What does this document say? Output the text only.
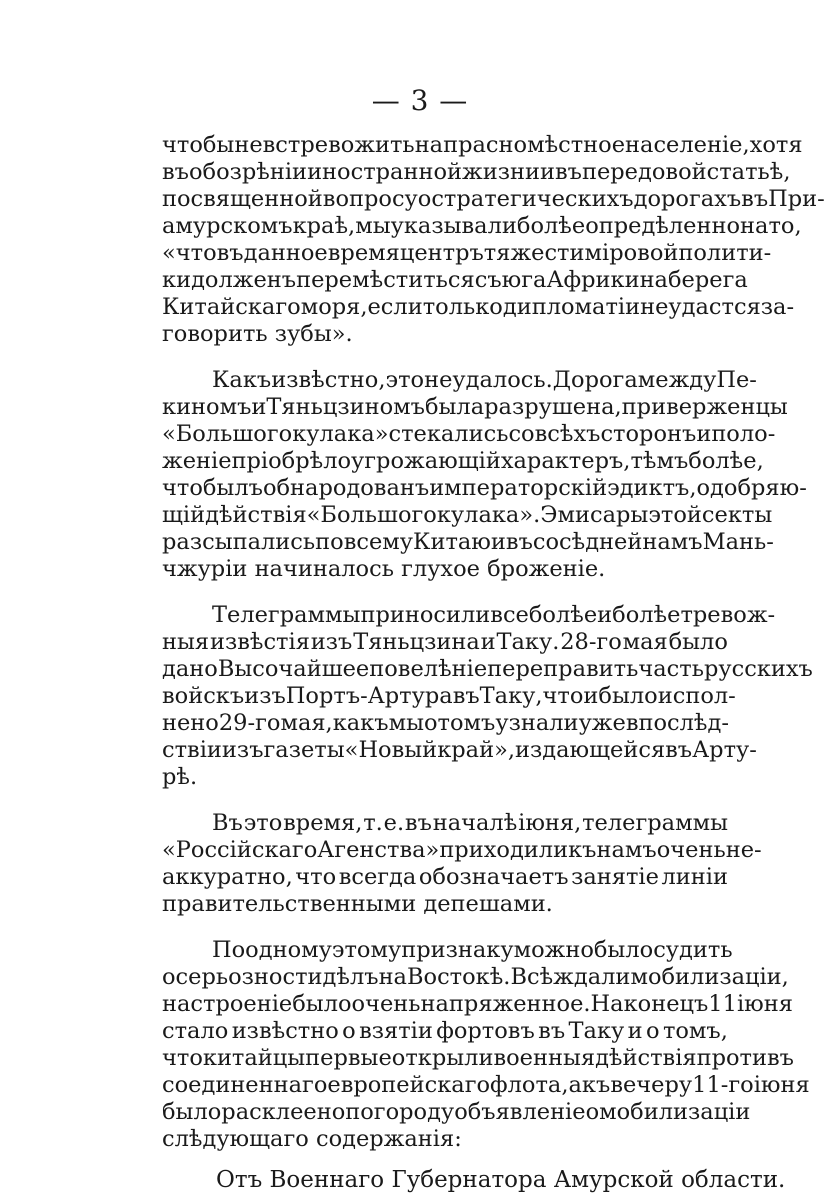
— 3 —
чтобы не встревожить напрасно мѣстное населеніе, хотя
въ обозрѣніи иностранной жизни и въ передовой статьѣ,
посвященной вопросу о стратегическихъ дорогахъ въ При-
амурскомъ краѣ, мы указывали болѣе опредѣленно на то,
«что въ данное время центръ тяжести міровой полити-
ки долженъ перемѣститься съ юга Африки на берега
Китайскаго моря, если только дипломатіи не удастся за-
говорить зубы».
Какъ извѣстно, это не удалось. Дорога между Пе-
киномъ и Тяньцзиномъ была разрушена, приверженцы
«Большого кулака» стекались со всѣхъ сторонъ и поло-
женіе пріобрѣло угрожающій характеръ, тѣмъ болѣе,
что былъ обнародованъ императорскій эдиктъ, одобряю-
щій дѣйствія «Большого кулака». Эмисары этой секты
разсыпались по всему Китаю и въ сосѣдней намъ Мань-
чжуріи начиналось глухое броженіе.
Телеграммы приносили все болѣе и болѣе тревож-
ныя извѣстія изъ Тяньцзина и Таку. 28-го мая было
дано Высочайшее повелѣніе переправить часть русскихъ
войскъ изъ Портъ-Артура въ Таку, что и было испол-
нено 29-го мая, какъ мы о томъ узнали уже впослѣд-
ствіи изъ газеты «Новый край», издающейся въ Арту-
рѣ.
Въ это время, т. е. въ началѣ іюня, телеграммы
«Россійскаго Агенства» приходили къ намъ очень не-
аккуратно, что всегда обозначаетъ занятіе линіи
правительственными депешами.
По одному этому признаку можно было судить
о серьозности дѣлъ на Востокѣ. Всѣ ждали мобилизаціи,
настроеніе было очень напряженное. Наконецъ 11 іюня
стало извѣстно о взятіи фортовъ въ Таку и о томъ,
что китайцы первые открыли военныя дѣйствія противъ
соединеннаго европейскаго флота,а къ вечеру 11-го іюня
было расклеено по городу объявленіе о мобилизаціи
слѣдующаго содержанія:
Отъ Военнаго Губернатора Амурской области.
